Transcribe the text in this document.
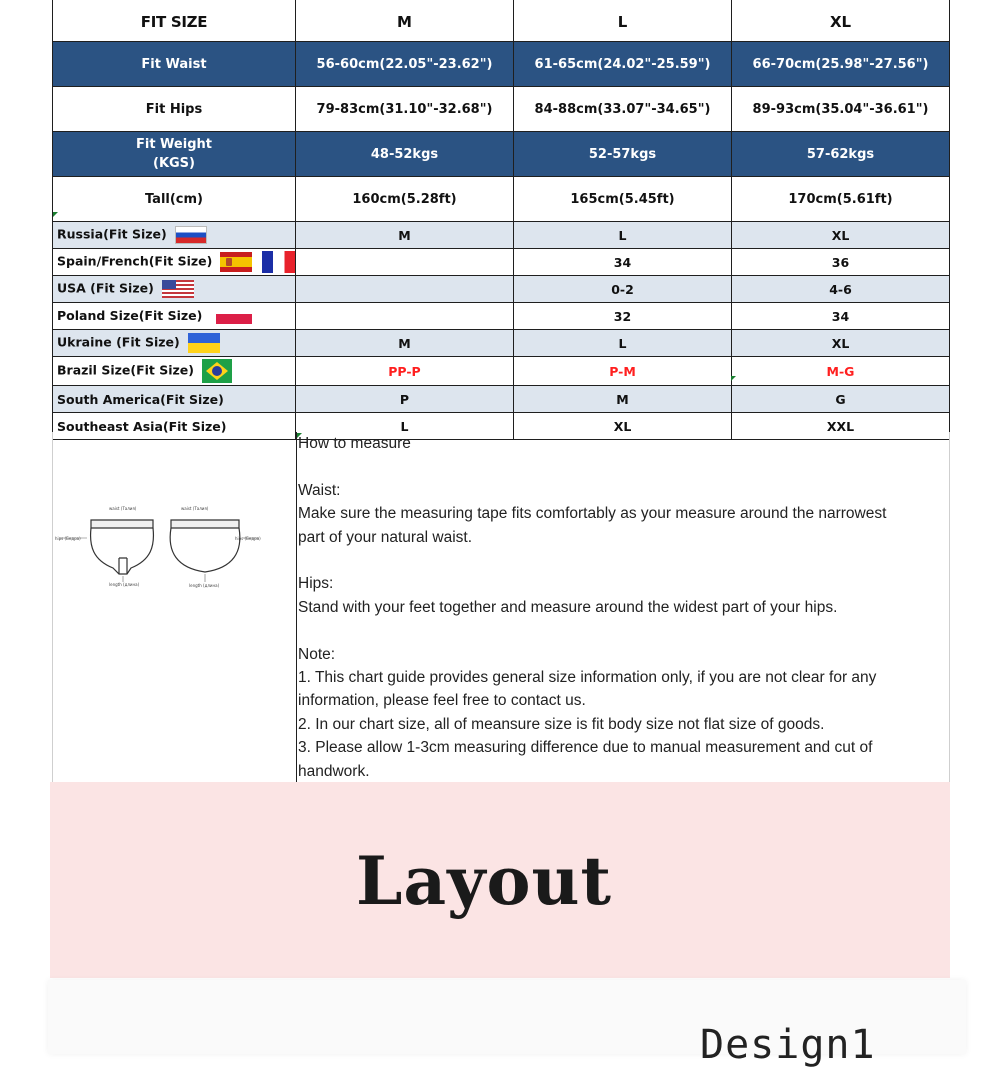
FIT SIZE	M	L	XL
Fit Waist	56-60cm(22.05"-23.62")	61-65cm(24.02"-25.59")	66-70cm(25.98"-27.56")
Fit Hips	79-83cm(31.10"-32.68")	84-88cm(33.07"-34.65")	89-93cm(35.04"-36.61")

Fit Weight
(KGS)	48-52kgs	52-57kgs	57-62kgs
Tall(cm)	160cm(5.28ft)	165cm(5.45ft)	170cm(5.61ft)
Russia(Fit Size)	M	L	XL
Spain/French(Fit Size)		34	36
USA (Fit Size)		0-2	4-6
Poland Size(Fit Size)		32	34
Ukraine (Fit Size)	M	L	XL
Brazil Size(Fit Size)	PP-P	P-M	M-G
South America(Fit Size)	P	M	G
Southeast Asia(Fit Size)	L	XL	XXL
waist (Талия)	waist (Талия)
hips (Бедра)	hips (Бедра)
length (длина)	length (длина)
How to measure
Waist:
Make sure the measuring tape fits comfortably as your measure around the narrowest
part of your natural waist.
Hips:
Stand with your feet together and measure around the widest part of your hips.
Note:
1. This chart guide provides general size information only, if you are not clear for any
information, please feel free to contact us.
2. In our chart size, all of meansure size is fit body size not flat size of goods.
3. Please allow 1-3cm measuring difference due to manual measurement and cut of
handwork.
Layout
Design1
